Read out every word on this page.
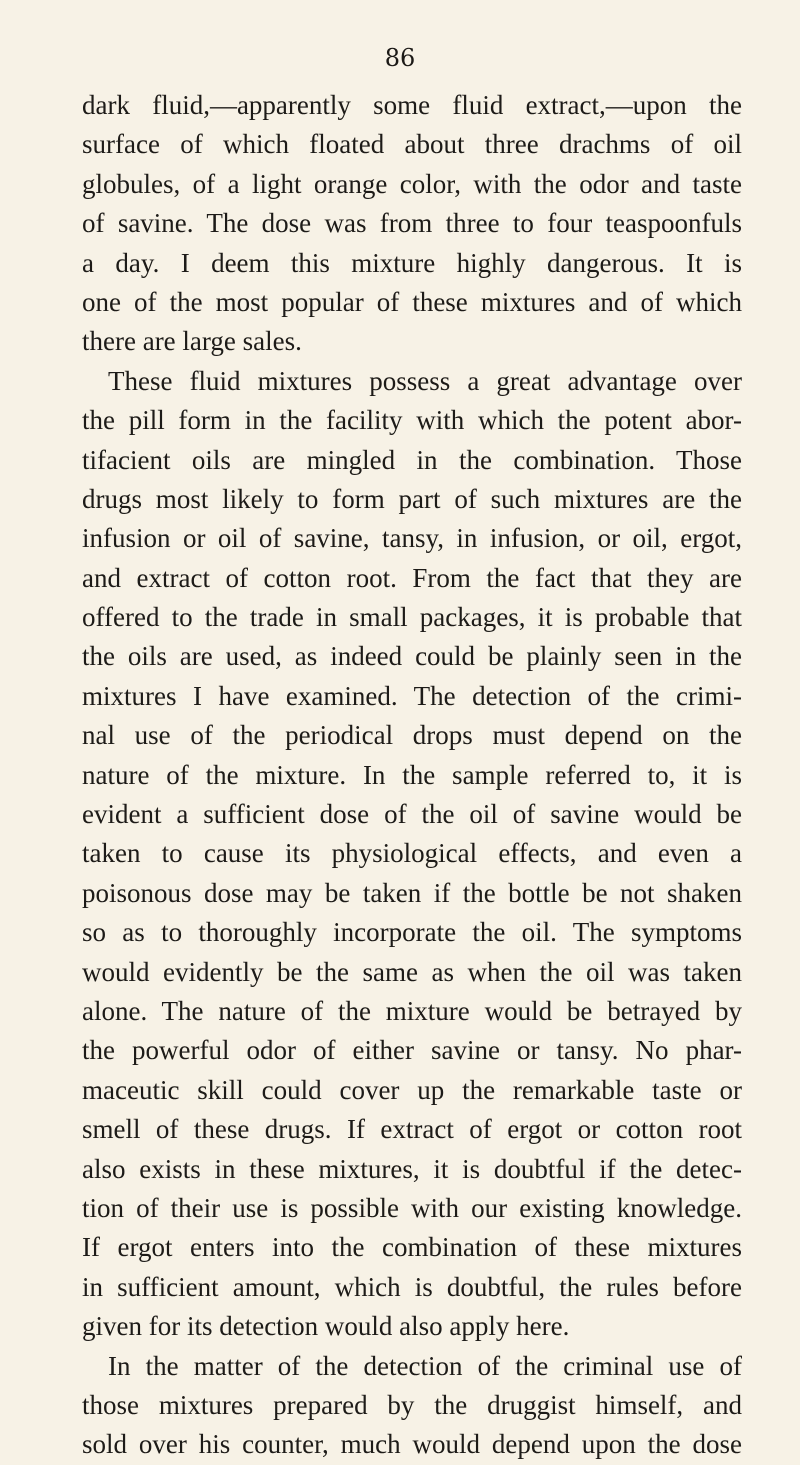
86
dark fluid,—apparently some fluid extract,—upon the
surface of which floated about three drachms of oil
globules, of a light orange color, with the odor and taste
of savine. The dose was from three to four teaspoonfuls
a day. I deem this mixture highly dangerous. It is
one of the most popular of these mixtures and of which
there are large sales.
These fluid mixtures possess a great advantage over
the pill form in the facility with which the potent abor-
tifacient oils are mingled in the combination. Those
drugs most likely to form part of such mixtures are the
infusion or oil of savine, tansy, in infusion, or oil, ergot,
and extract of cotton root. From the fact that they are
offered to the trade in small packages, it is probable that
the oils are used, as indeed could be plainly seen in the
mixtures I have examined. The detection of the crimi-
nal use of the periodical drops must depend on the
nature of the mixture. In the sample referred to, it is
evident a sufficient dose of the oil of savine would be
taken to cause its physiological effects, and even a
poisonous dose may be taken if the bottle be not shaken
so as to thoroughly incorporate the oil. The symptoms
would evidently be the same as when the oil was taken
alone. The nature of the mixture would be betrayed by
the powerful odor of either savine or tansy. No phar-
maceutic skill could cover up the remarkable taste or
smell of these drugs. If extract of ergot or cotton root
also exists in these mixtures, it is doubtful if the detec-
tion of their use is possible with our existing knowledge.
If ergot enters into the combination of these mixtures
in sufficient amount, which is doubtful, the rules before
given for its detection would also apply here.
In the matter of the detection of the criminal use of
those mixtures prepared by the druggist himself, and
sold over his counter, much would depend upon the dose
